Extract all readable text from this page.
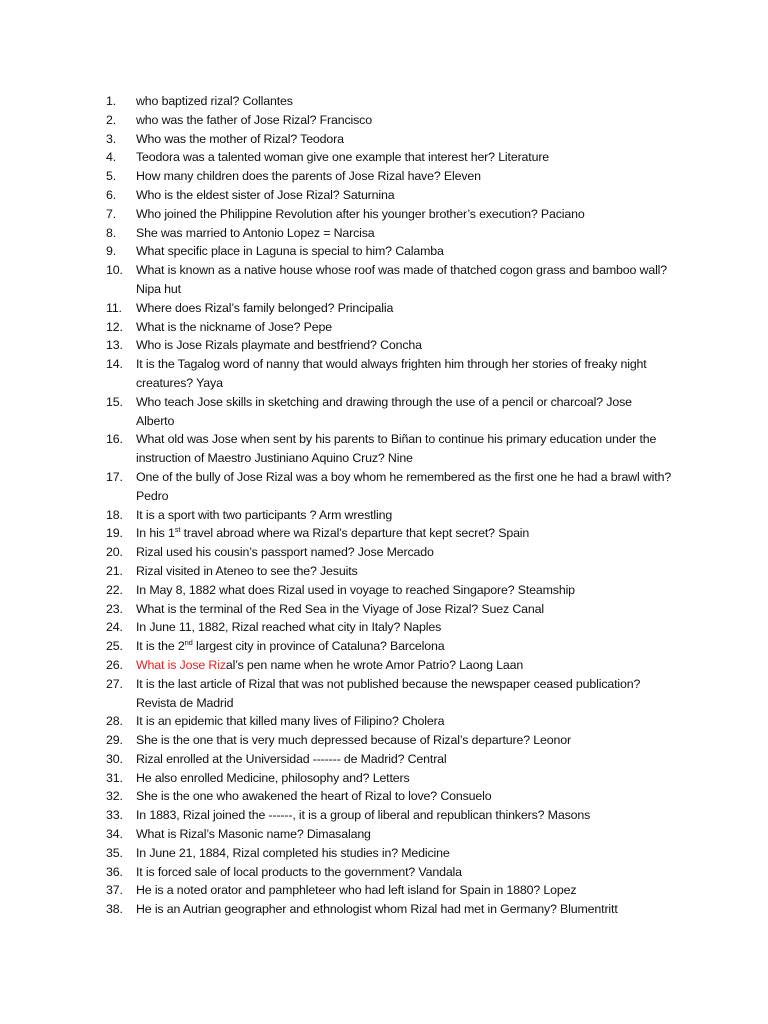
1.	who baptized rizal? Collantes
2.	who was the father of Jose Rizal? Francisco
3.	Who was the mother of Rizal? Teodora
4.	Teodora was a talented woman give one example that interest her? Literature
5.	How many children does the parents of Jose Rizal have? Eleven
6.	Who is the eldest sister of Jose Rizal? Saturnina
7.	Who joined the Philippine Revolution after his younger brother’s execution? Paciano
8.	She was married to Antonio Lopez = Narcisa
9.	What specific place in Laguna is special to him? Calamba
10.	What is known as a native house whose roof was made of thatched cogon grass and bamboo wall? Nipa hut
11.	Where does Rizal’s family belonged? Principalia
12.	What is the nickname of Jose? Pepe
13.	Who is Jose Rizals playmate and bestfriend? Concha
14.	It is the Tagalog word of nanny that would always frighten him through her stories of freaky night creatures? Yaya
15.	Who teach Jose skills in sketching and drawing through the use of a pencil or charcoal? Jose Alberto
16.	What old was Jose when sent by his parents to Biñan to continue his primary education under the instruction of Maestro Justiniano Aquino Cruz? Nine
17.	One of the bully of Jose Rizal was a boy whom he remembered as the first one he had a brawl with? Pedro
18.	It is a sport with two participants ? Arm wrestling
19.	In his 1st travel abroad where wa Rizal’s departure that kept secret? Spain
20.	Rizal used his cousin’s passport named? Jose Mercado
21.	Rizal visited in Ateneo to see the? Jesuits
22.	In May 8, 1882 what does Rizal used in voyage to reached Singapore? Steamship
23.	What is the terminal of the Red Sea in the Viyage of Jose Rizal? Suez Canal
24.	In June 11, 1882, Rizal reached what city in Italy? Naples
25.	It is the 2nd largest city in province of Cataluna? Barcelona
26.	What is Jose Rizal’s pen name when he wrote Amor Patrio? Laong Laan
27.	It is the last article of Rizal that was not published because the newspaper ceased publication? Revista de Madrid
28.	It is an epidemic that killed many lives of Filipino? Cholera
29.	She is the one that is very much depressed because of Rizal’s departure? Leonor
30.	Rizal enrolled at the Universidad ------- de Madrid? Central
31.	He also enrolled Medicine, philosophy and? Letters
32.	She is the one who awakened the heart of Rizal to love? Consuelo
33.	In 1883, Rizal joined the ------, it is a group of liberal and republican thinkers? Masons
34.	What is Rizal’s Masonic name? Dimasalang
35.	In June 21, 1884, Rizal completed his studies in? Medicine
36.	It is forced sale of local products to the government? Vandala
37.	He is a noted orator and pamphleteer who had left island for Spain in 1880? Lopez
38.	He is an Autrian geographer and ethnologist whom Rizal had met in Germany? Blumentritt
